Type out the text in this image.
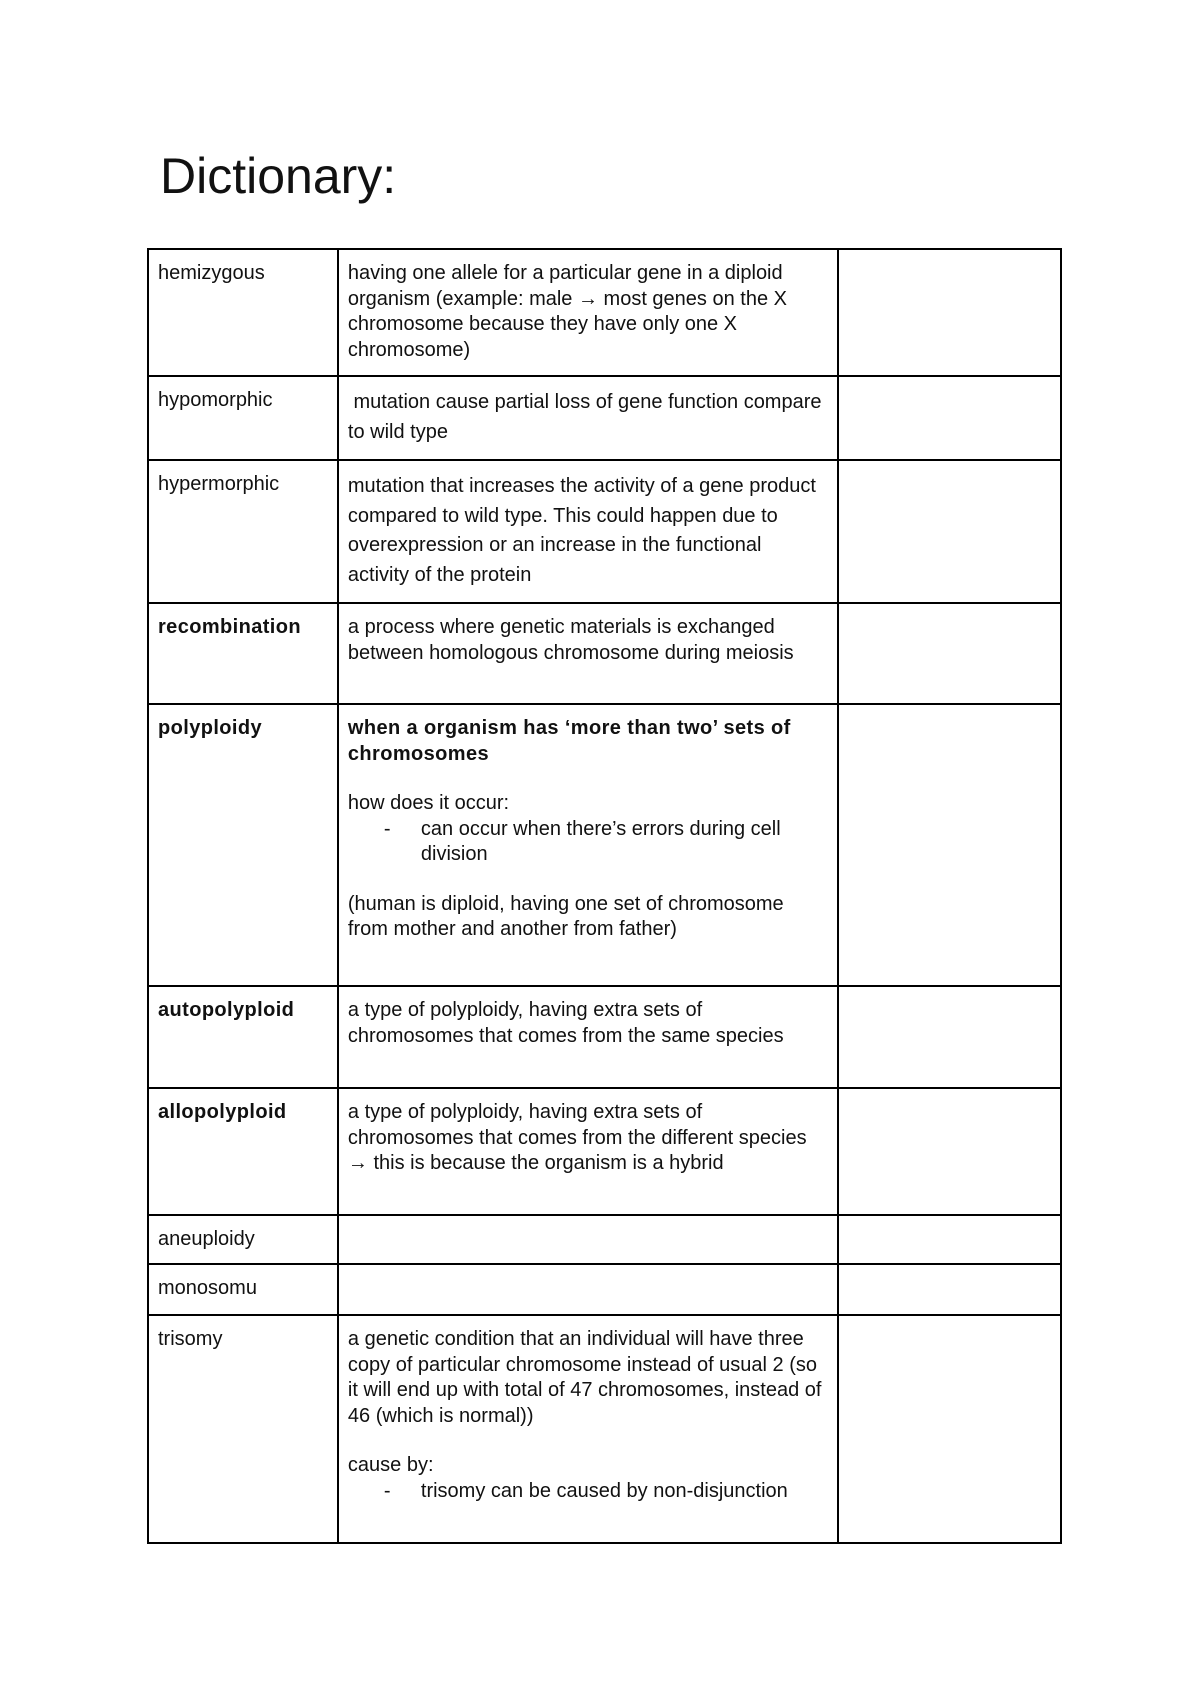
Dictionary:
hemizygous	having one allele for a particular gene in a diploid organism (example: male → most genes on the X chromosome because they have only one X chromosome)	
hypomorphic	mutation cause partial loss of gene function compare to wild type	
hypermorphic	mutation that increases the activity of a gene product compared to wild type. This could happen due to overexpression or an increase in the functional activity of the protein	
recombination	a process where genetic materials is exchanged between homologous chromosome during meiosis	
polyploidy	when a organism has ‘more than two’ sets of chromosomes
how does it occur:
- can occur when there’s errors during cell division
(human is diploid, having one set of chromosome from mother and another from father)	

autopolyploid	a type of polyploidy, having extra sets of chromosomes that comes from the same species	
allopolyploid	a type of polyploidy, having extra sets of chromosomes that comes from the different species → this is because the organism is a hybrid	
aneuploidy		
monosomu		
trisomy	a genetic condition that an individual will have three copy of particular chromosome instead of usual 2 (so it will end up with total of 47 chromosomes, instead of 46 (which is normal))
cause by:
- trisomy can be caused by non-disjunction	
